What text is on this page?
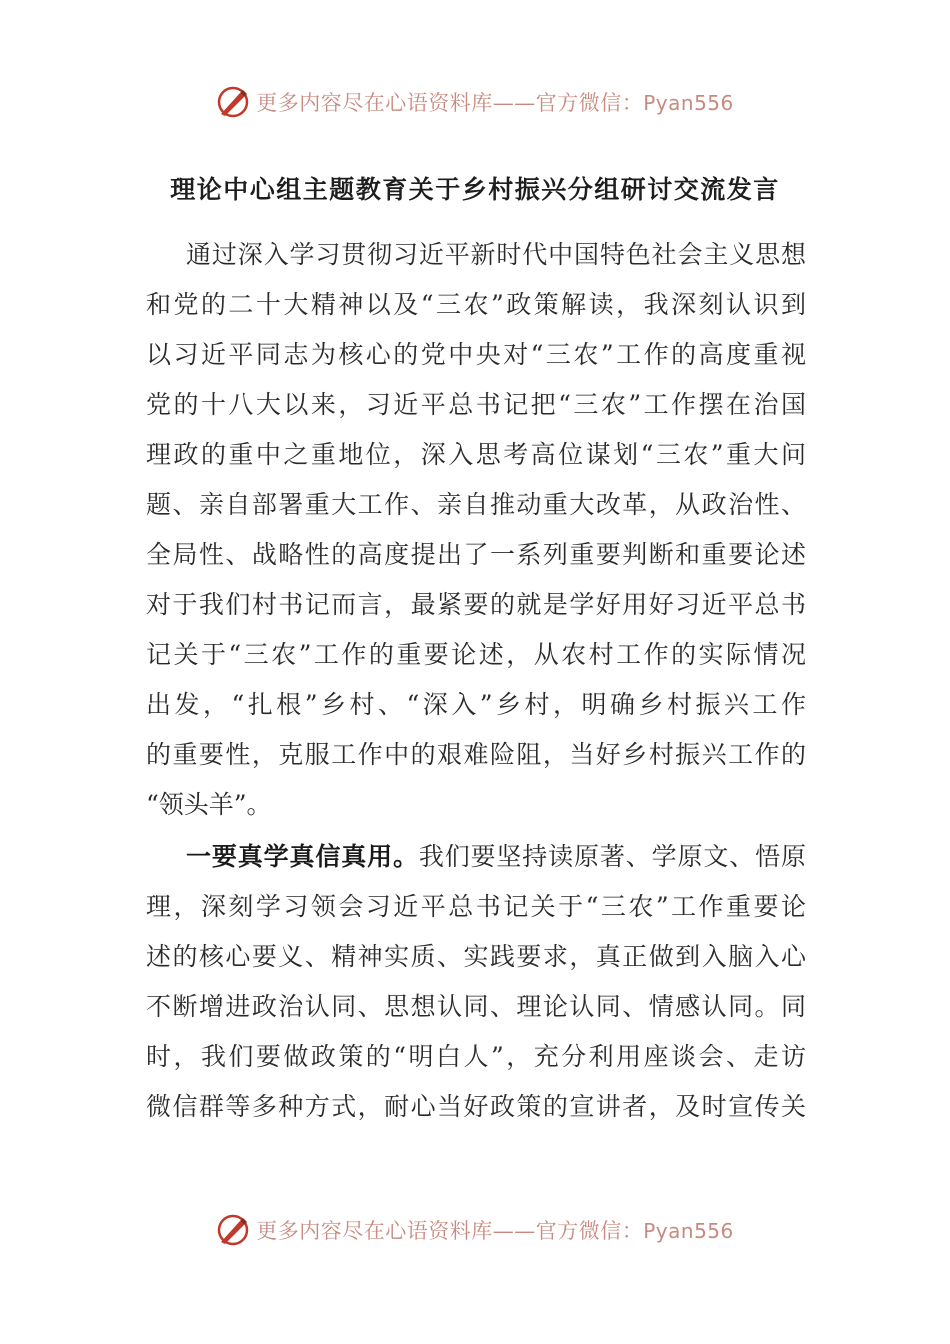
更多内容尽在心语资料库——官方微信：Pyan556
理论中心组主题教育关于乡村振兴分组研讨交流发言
通过深入学习贯彻习近平新时代中国特色社会主义思想
和党的二十大精神以及“三农”政策解读，我深刻认识到
以习近平同志为核心的党中央对“三农”工作的高度重视
党的十八大以来，习近平总书记把“三农”工作摆在治国
理政的重中之重地位，深入思考高位谋划“三农”重大问
题、亲自部署重大工作、亲自推动重大改革，从政治性、
全局性、战略性的高度提出了一系列重要判断和重要论述
对于我们村书记而言，最紧要的就是学好用好习近平总书
记关于“三农”工作的重要论述，从农村工作的实际情况
出发，“扎根”乡村、“深入”乡村，明确乡村振兴工作
的重要性，克服工作中的艰难险阻，当好乡村振兴工作的
“领头羊”。
一要真学真信真用。我们要坚持读原著、学原文、悟原
理，深刻学习领会习近平总书记关于“三农”工作重要论
述的核心要义、精神实质、实践要求，真正做到入脑入心
不断增进政治认同、思想认同、理论认同、情感认同。同
时，我们要做政策的“明白人”，充分利用座谈会、走访
微信群等多种方式，耐心当好政策的宣讲者，及时宣传关
更多内容尽在心语资料库——官方微信：Pyan556
